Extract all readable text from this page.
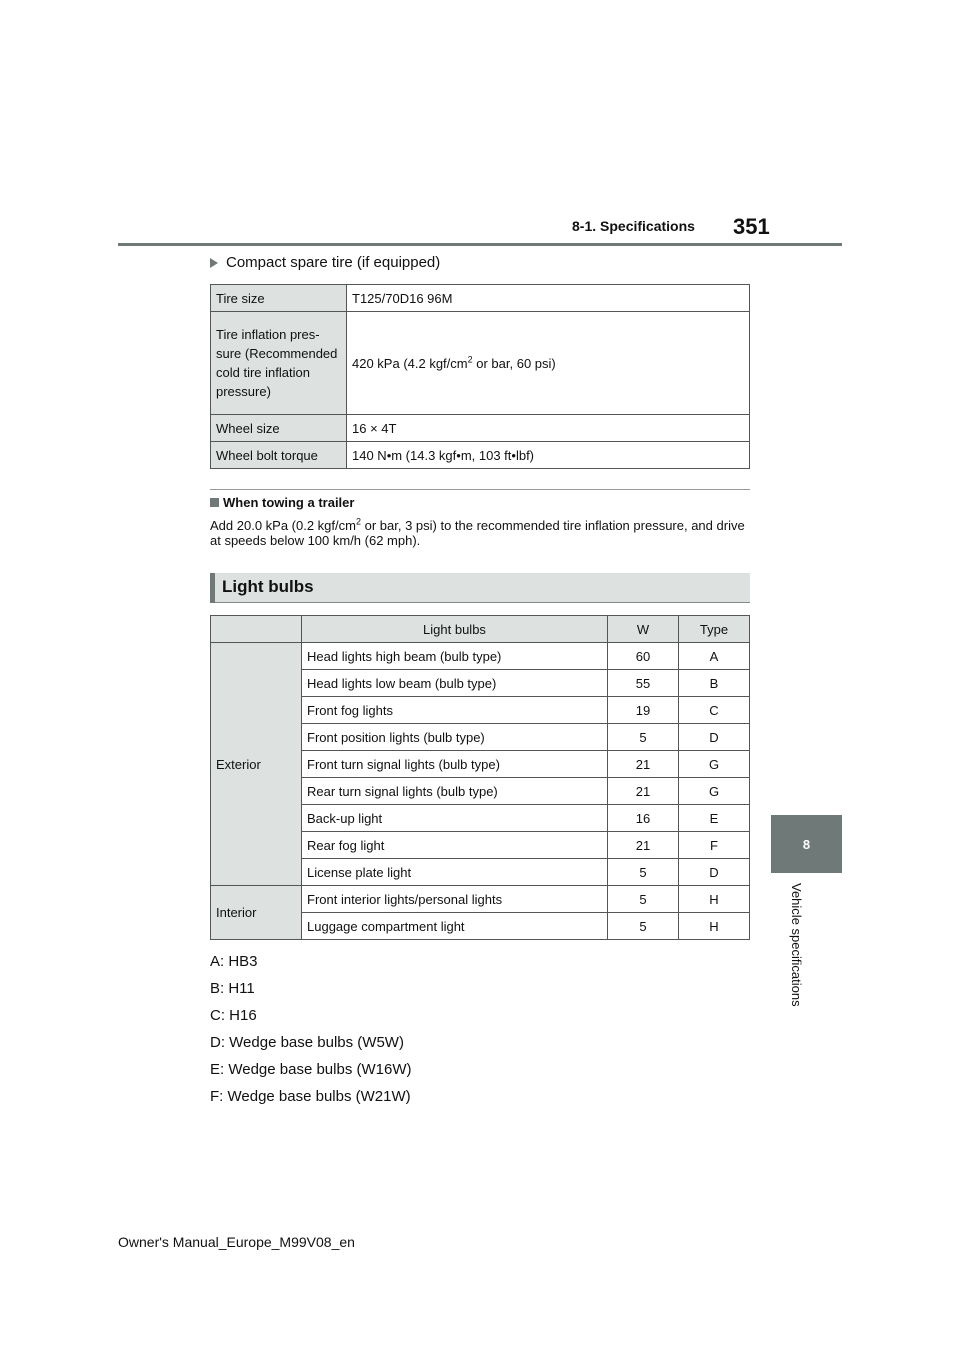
8-1. Specifications 351
8
Vehicle specifications
Compact spare tire (if equipped)
Tire size	T125/70D16 96M
Tire inflation pres- sure (Recommended cold tire inflation pressure)	420 kPa (4.2 kgf/$cm^2$ or bar, 60 psi)
Wheel size	16 × 4T
Wheel bolt torque	140 N•m (14.3 kgf•m, 103 ft•lbf)
When towing a trailer
Add 20.0 kPa (0.2 kgf/$cm^2$ or bar, 3 psi) to the recommended tire inflation pressure, and drive at speeds below 100 km/h (62 mph).
Light bulbs
	Light bulbs	W	Type
Exterior	Head lights high beam (bulb type)	60	A
	Head lights low beam (bulb type)	55	B
	Front fog lights	19	C
	Front position lights (bulb type)	5	D
	Front turn signal lights (bulb type)	21	G
	Rear turn signal lights (bulb type)	21	G
	Back-up light	16	E
	Rear fog light	21	F
	License plate light	5	D
Interior	Front interior lights/personal lights	5	H
	Luggage compartment light	5	H
A: HB3
B: H11
C: H16
D: Wedge base bulbs (W5W)
E: Wedge base bulbs (W16W)
F: Wedge base bulbs (W21W)
Owner's Manual_Europe_M99V08_en
